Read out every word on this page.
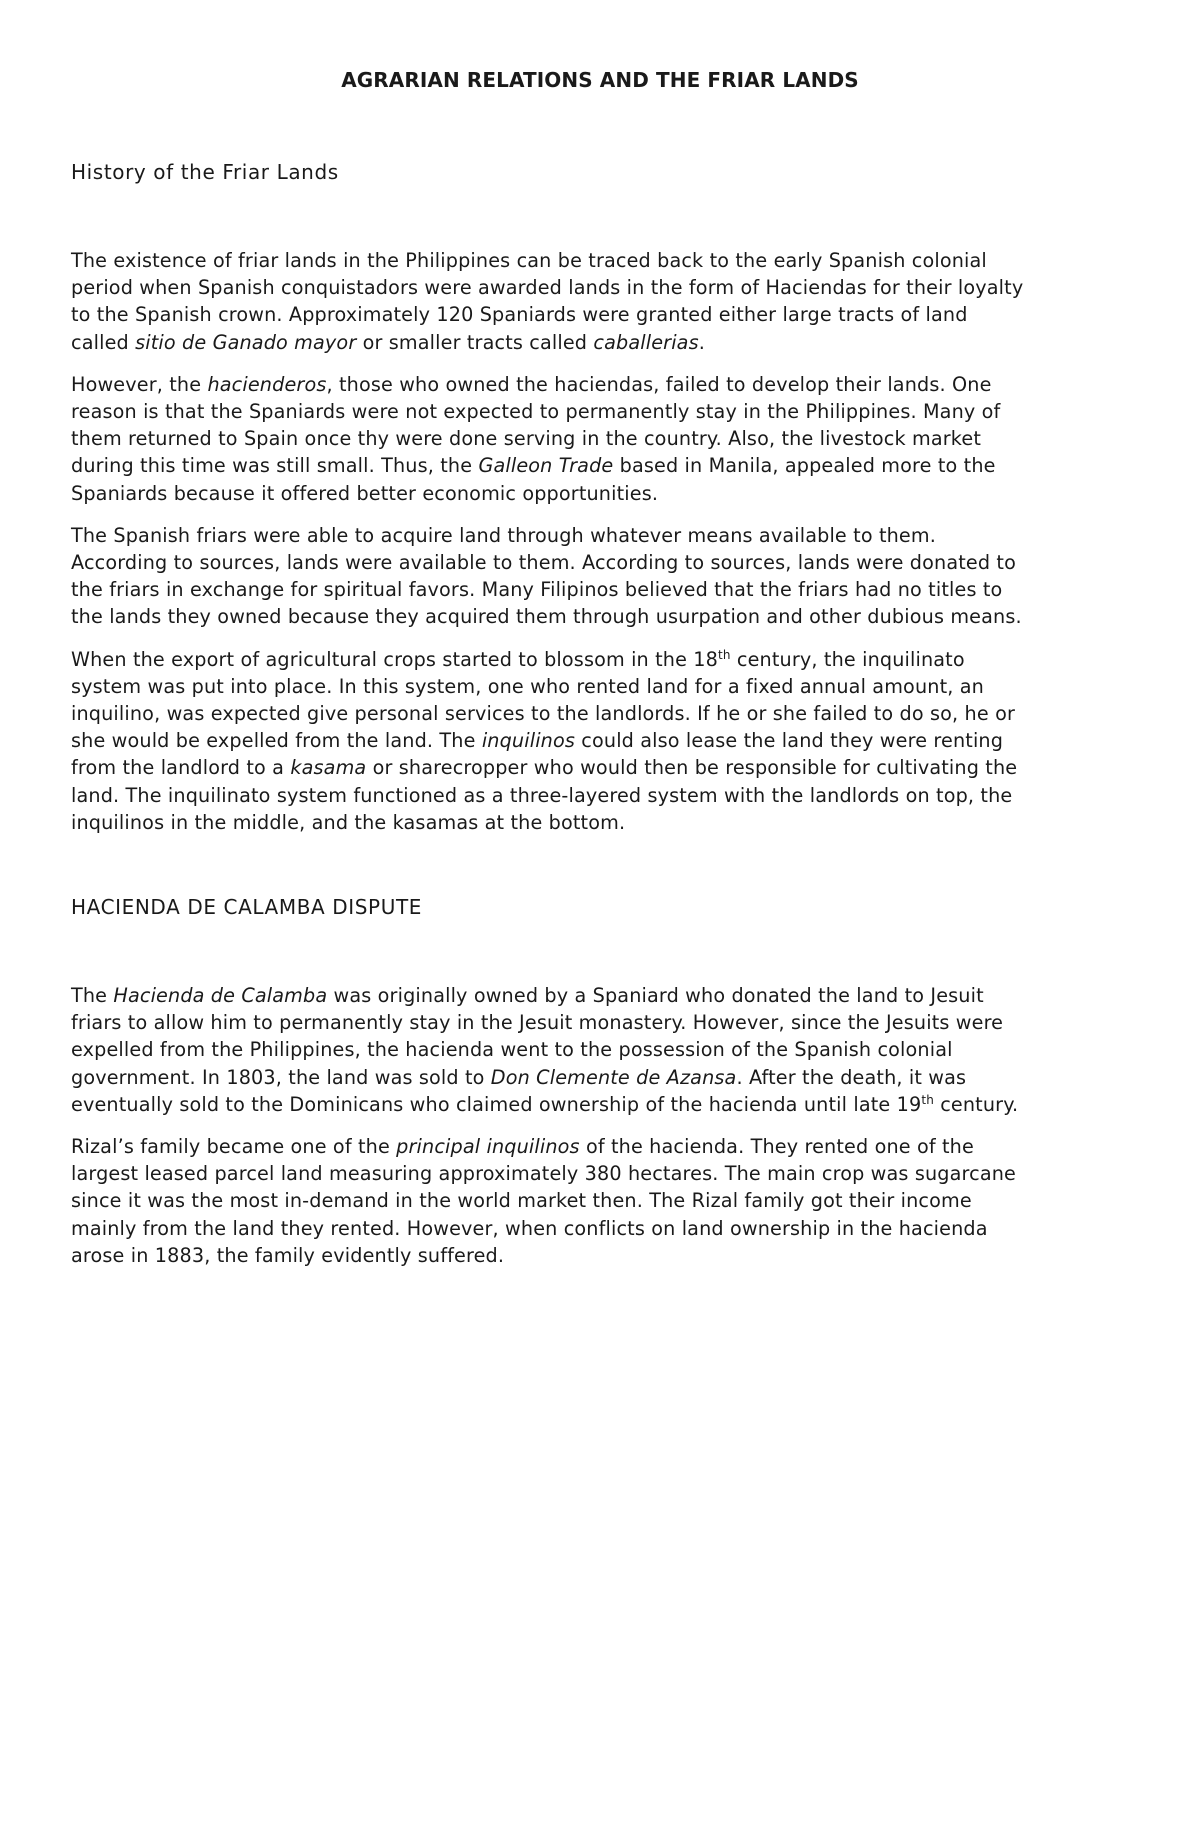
AGRARIAN RELATIONS AND THE FRIAR LANDS
History of the Friar Lands

The existence of friar lands in the Philippines can be traced back to the early Spanish colonial
period when Spanish conquistadors were awarded lands in the form of Haciendas for their loyalty
to the Spanish crown. Approximately 120 Spaniards were granted either large tracts of land
called sitio de Ganado mayor or smaller tracts called caballerias.

However, the hacienderos, those who owned the haciendas, failed to develop their lands. One
reason is that the Spaniards were not expected to permanently stay in the Philippines. Many of
them returned to Spain once thy were done serving in the country. Also, the livestock market
during this time was still small. Thus, the Galleon Trade based in Manila, appealed more to the
Spaniards because it offered better economic opportunities.

The Spanish friars were able to acquire land through whatever means available to them.
According to sources, lands were available to them. According to sources, lands were donated to
the friars in exchange for spiritual favors. Many Filipinos believed that the friars had no titles to
the lands they owned because they acquired them through usurpation and other dubious means.

When the export of agricultural crops started to blossom in the 18th century, the inquilinato
system was put into place. In this system, one who rented land for a fixed annual amount, an
inquilino, was expected give personal services to the landlords. If he or she failed to do so, he or
she would be expelled from the land. The inquilinos could also lease the land they were renting
from the landlord to a kasama or sharecropper who would then be responsible for cultivating the
land. The inquilinato system functioned as a three-layered system with the landlords on top, the
inquilinos in the middle, and the kasamas at the bottom.

HACIENDA DE CALAMBA DISPUTE

The Hacienda de Calamba was originally owned by a Spaniard who donated the land to Jesuit
friars to allow him to permanently stay in the Jesuit monastery. However, since the Jesuits were
expelled from the Philippines, the hacienda went to the possession of the Spanish colonial
government. In 1803, the land was sold to Don Clemente de Azansa. After the death, it was
eventually sold to the Dominicans who claimed ownership of the hacienda until late 19th century.

Rizal’s family became one of the principal inquilinos of the hacienda. They rented one of the
largest leased parcel land measuring approximately 380 hectares. The main crop was sugarcane
since it was the most in-demand in the world market then. The Rizal family got their income
mainly from the land they rented. However, when conflicts on land ownership in the hacienda
arose in 1883, the family evidently suffered.
